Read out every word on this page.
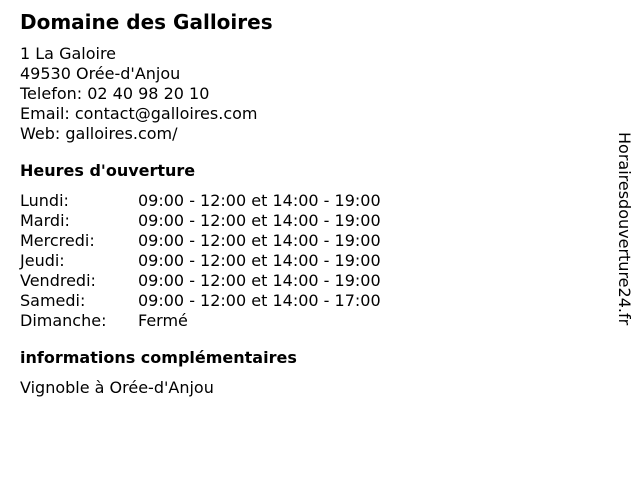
Domaine des Galloires
1 La Galoire
49530 Orée-d'Anjou
Telefon: 02 40 98 20 10
Email: contact@galloires.com
Web: galloires.com/
Heures d'ouverture
Lundi:	09:00 - 12:00 et 14:00 - 19:00
Mardi:	09:00 - 12:00 et 14:00 - 19:00
Mercredi:	09:00 - 12:00 et 14:00 - 19:00
Jeudi:	09:00 - 12:00 et 14:00 - 19:00
Vendredi:	09:00 - 12:00 et 14:00 - 19:00
Samedi:	09:00 - 12:00 et 14:00 - 17:00
Dimanche:	Fermé
informations complémentaires
Vignoble à Orée-d'Anjou
Horairesdouverture24.fr
